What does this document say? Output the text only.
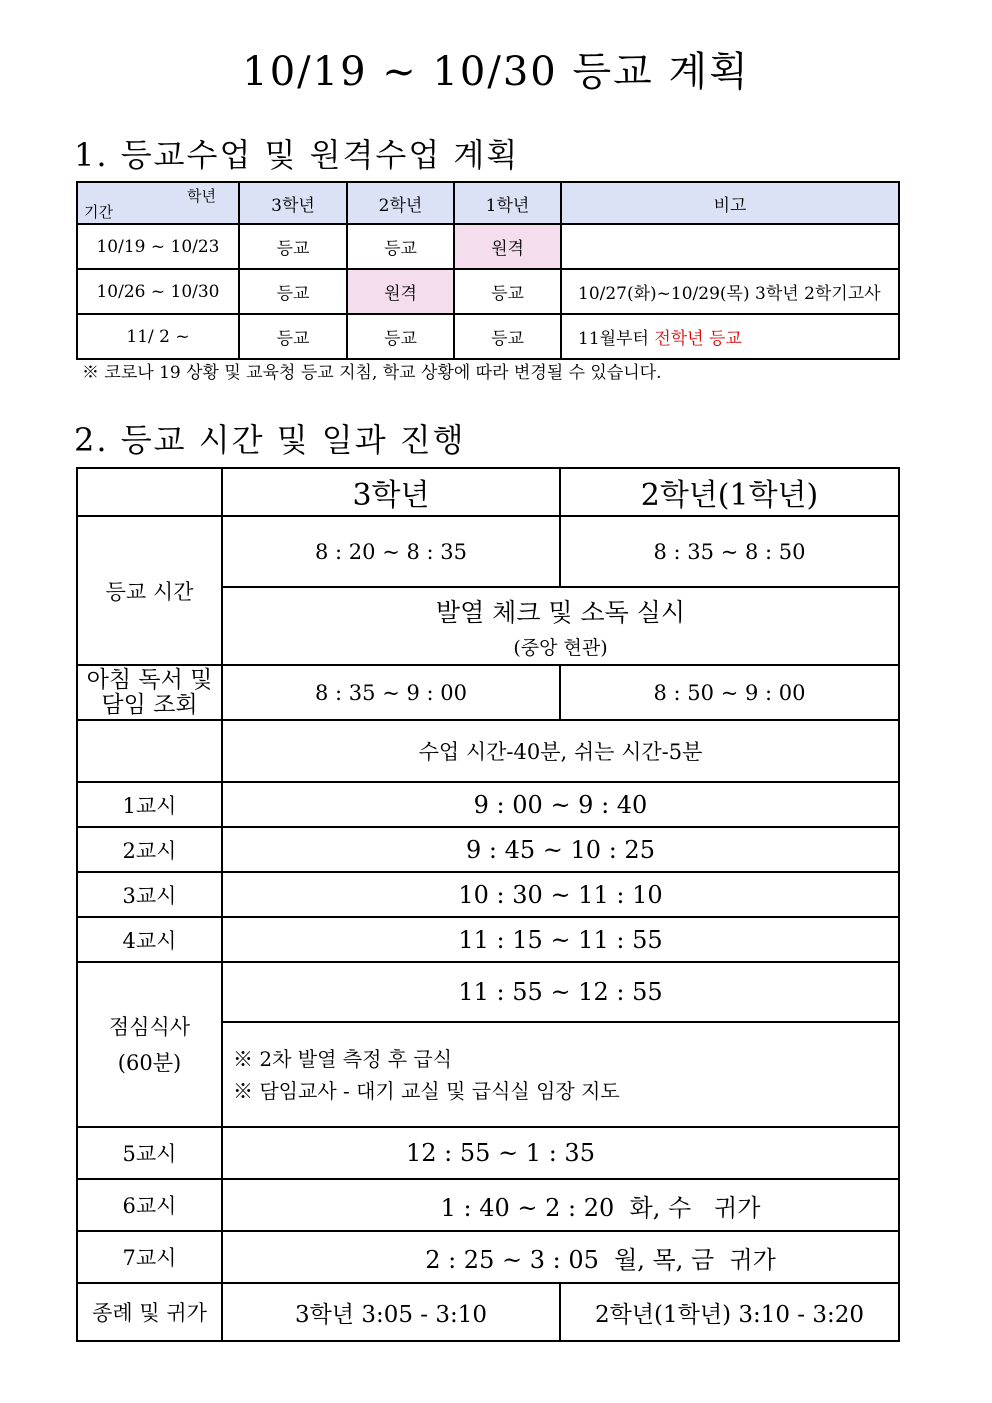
10/19 ~ 10/30 등교 계획
1. 등교수업 및 원격수업 계획
학년
기간	3학년	2학년	1학년	비고
10/19 ~ 10/23	등교	등교	원격	
10/26 ~ 10/30	등교	원격	등교	10/27(화)~10/29(목) 3학년 2학기고사
11/ 2 ~	등교	등교	등교	11월부터 전학년 등교
※ 코로나 19 상황 및 교육청 등교 지침, 학교 상황에 따라 변경될 수 있습니다.
2. 등교 시간 및 일과 진행
	3학년	2학년(1학년)
등교 시간	8 : 20 ~ 8 : 35	8 : 35 ~ 8 : 50

	발열 체크 및 소독 실시
(중앙 현관)	

아침 독서 및
담임 조회	8 : 35 ~ 9 : 00	8 : 50 ~ 9 : 00
	수업 시간-40분, 쉬는 시간-5분	
1교시	9 : 00 ~ 9 : 40	
2교시	9 : 45 ~ 10 : 25	
3교시	10 : 30 ~ 11 : 10	
4교시	11 : 15 ~ 11 : 55	

점심식사
(60분)	11 : 55 ~ 12 : 55	

	※ 2차 발열 측정 후 급식
※ 담임교사 - 대기 교실 및 급식실 임장 지도	

5교시	12 : 55 ~ 1 : 35	
6교시	1 : 40 ~ 2 : 20  화, 수   귀가	
7교시	2 : 25 ~ 3 : 05  월, 목, 금  귀가	
종례 및 귀가	3학년 3:05 - 3:10	2학년(1학년) 3:10 - 3:20
